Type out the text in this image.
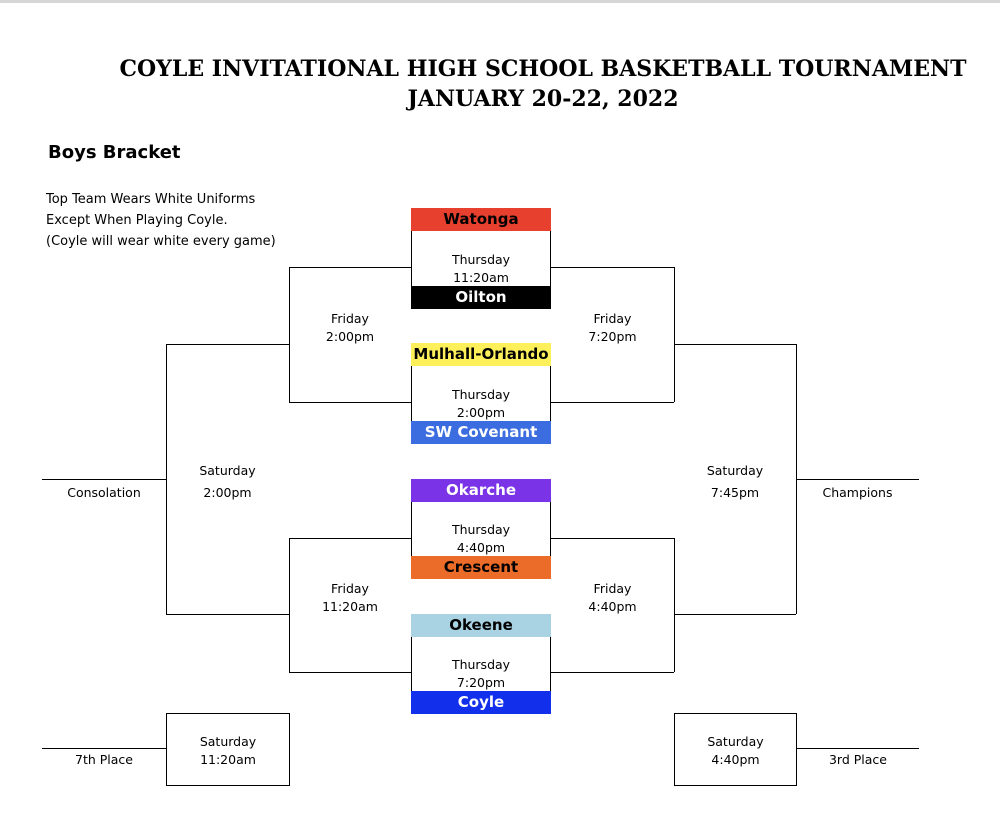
COYLE INVITATIONAL HIGH SCHOOL BASKETBALL TOURNAMENT
JANUARY 20-22, 2022
Boys Bracket
Top Team Wears White Uniforms
Except When Playing Coyle.
(Coyle will wear white every game)
Watonga
Thursday
11:20am
Oilton
Mulhall-Orlando
Thursday
2:00pm
SW Covenant
Okarche
Thursday
4:40pm
Crescent
Okeene
Thursday
7:20pm
Coyle
Friday
2:00pm
Friday
7:20pm
Friday
11:20am
Friday
4:40pm
Saturday
2:00pm
Saturday
7:45pm
Consolation	Champions
Saturday
11:20am
Saturday
4:40pm
7th Place	3rd Place
